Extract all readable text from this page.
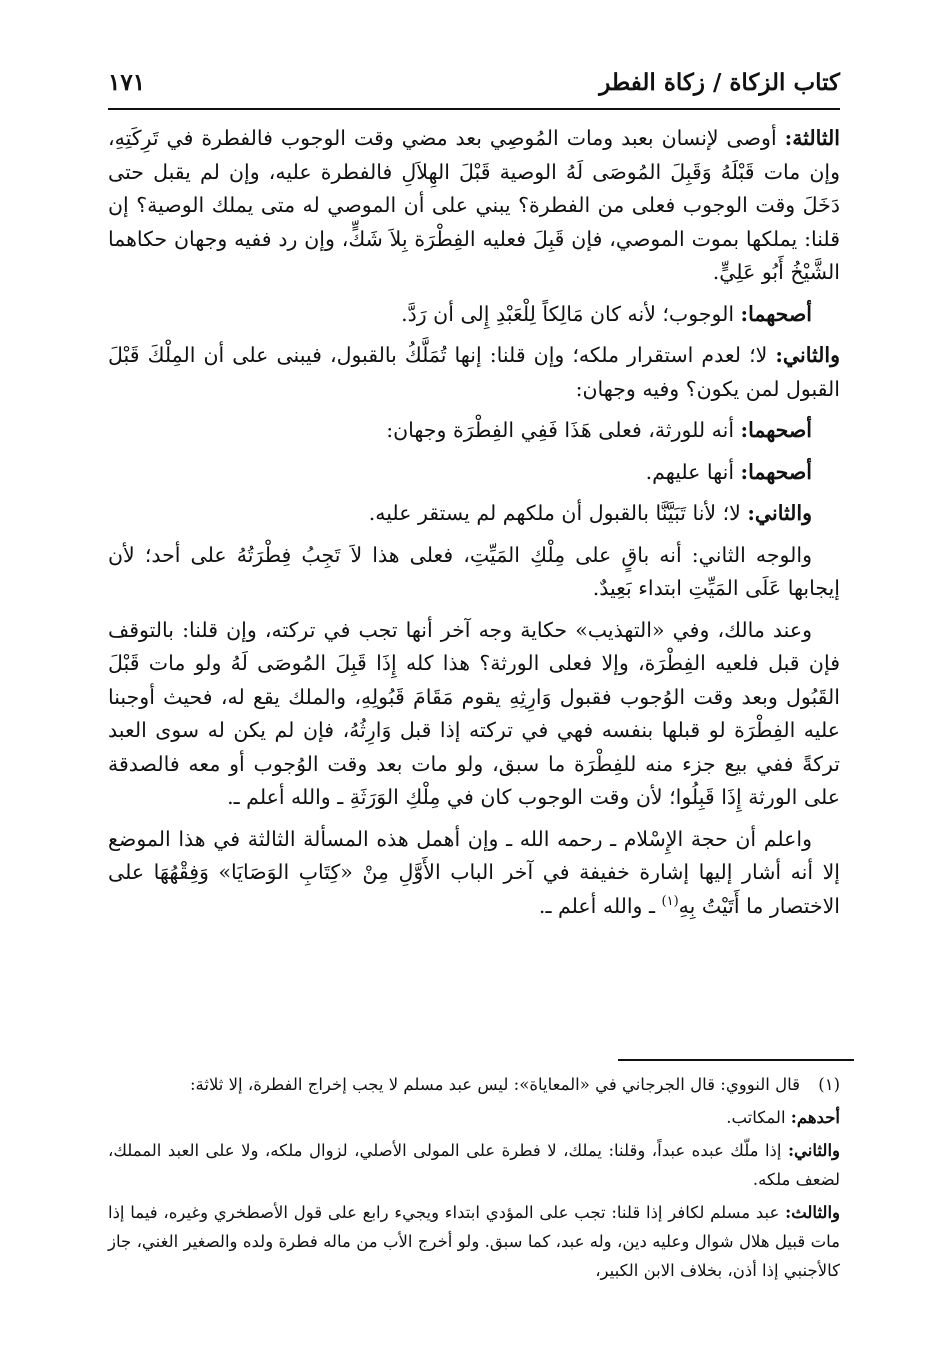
كتاب الزكاة / زكاة الفطر
١٧١

الثالثة: أوصى لإنسان بعبد ومات المُوصِي بعد مضي وقت الوجوب فالفطرة في تَرِكَتِهِ، وإن مات قَبْلَهُ وَقَبِلَ المُوصَى لَهُ الوصية قَبْلَ الهِلاَلِ فالفطرة عليه، وإن لم يقبل حتى دَخَلَ وقت الوجوب فعلى من الفطرة؟ يبني على أن الموصي له متى يملك الوصية؟ إن قلنا: يملكها بموت الموصي، فإن قَبِلَ فعليه الفِطْرَة بِلاَ شَكٍّ، وإن رد ففيه وجهان حكاهما الشَّيْخُ أَبُو عَلِيٍّ.

أصحهما: الوجوب؛ لأنه كان مَالِكاً لِلْعَبْدِ إِلى أن رَدَّ.

والثاني: لا؛ لعدم استقرار ملكه؛ وإن قلنا: إنها تُمَلَّكُ بالقبول، فيبنى على أن المِلْكَ قَبْلَ القبول لمن يكون؟ وفيه وجهان:

أصحهما: أنه للورثة، فعلى هَذَا فَفِي الفِطْرَة وجهان:

أصحهما: أنها عليهم.

والثاني: لا؛ لأنا تَبَيَّنَّا بالقبول أن ملكهم لم يستقر عليه.

والوجه الثاني: أنه باقٍ على مِلْكِ المَيِّتِ، فعلى هذا لاَ تَجِبُ فِطْرَتُهُ على أحد؛ لأن إيجابها عَلَى المَيِّتِ ابتداء بَعِيدٌ.

وعند مالك، وفي «التهذيب» حكاية وجه آخر أنها تجب في تركته، وإن قلنا: بالتوقف فإن قبل فلعيه الفِطْرَة، وإلا فعلى الورثة؟ هذا كله إِذَا قَبِلَ المُوصَى لَهُ ولو مات قَبْلَ القَبُول وبعد وقت الوُجوب فقبول وَارِثِهِ يقوم مَقَامَ قَبُولِهِ، والملك يقع له، فحيث أوجبنا عليه الفِطْرَة لو قبلها بنفسه فهي في تركته إذا قبل وَارِثُهُ، فإن لم يكن له سوى العبد تركةً ففي بيع جزء منه للفِطْرَة ما سبق، ولو مات بعد وقت الوُجوب أو معه فالصدقة على الورثة إِذَا قَبِلُوا؛ لأن وقت الوجوب كان في مِلْكِ الوَرَثَةِ ـ والله أعلم ـ.

واعلم أن حجة الإِسْلام ـ رحمه الله ـ وإن أهمل هذه المسألة الثالثة في هذا الموضع إلا أنه أشار إليها إشارة خفيفة في آخر الباب الأَوَّلِ مِنْ «كِتَابِ الوَصَايَا» وَفِقْهُهَا على الاختصار ما أَتَيْتُ بِهِ$^{(١)}$ ـ والله أعلم ـ.

(١)قال النووي: قال الجرجاني في «المعاياة»: ليس عبد مسلم لا يجب إخراج الفطرة، إلا ثلاثة:

أحدهم: المكاتب.

والثاني: إذا ملّك عبده عبداً، وقلنا: يملك، لا فطرة على المولى الأصلي، لزوال ملكه، ولا على العبد المملك، لضعف ملكه.

والثالث: عبد مسلم لكافر إذا قلنا: تجب على المؤدي ابتداء ويجيء رابع على قول الأصطخري وغيره، فيما إذا مات قبيل هلال شوال وعليه دين، وله عبد، كما سبق. ولو أخرج الأب من ماله فطرة ولده والصغير الغني، جاز كالأجنبي إذا أذن، بخلاف الابن الكبير،
